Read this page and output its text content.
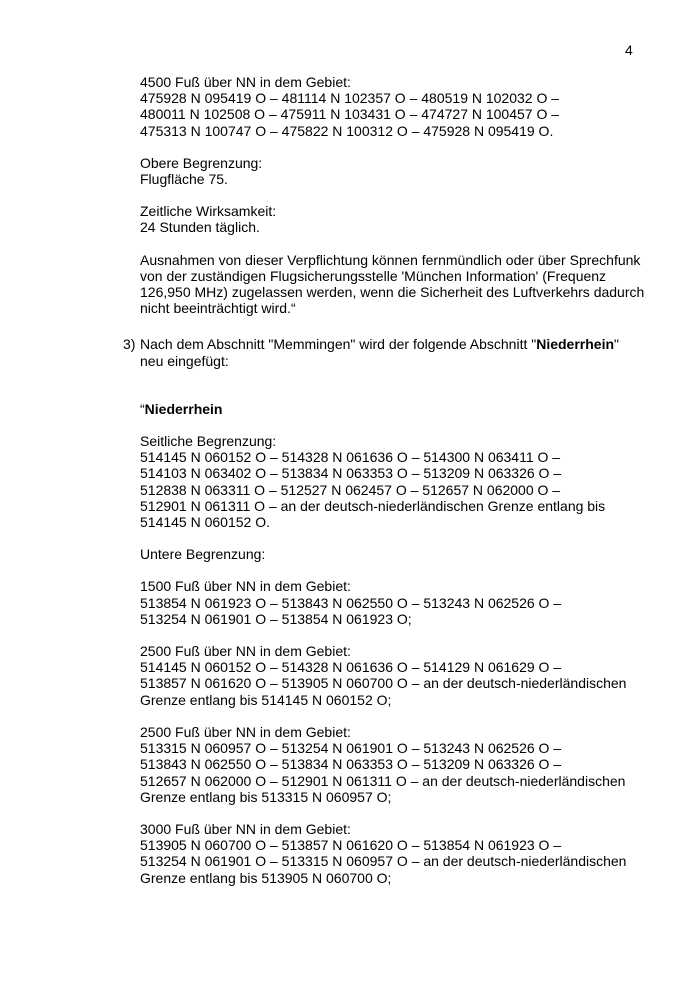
4

4500 Fuß über NN in dem Gebiet:

475928 N 095419 O – 481114 N 102357 O – 480519 N 102032 O –

480011 N 102508 O – 475911 N 103431 O – 474727 N 100457 O –

475313 N 100747 O – 475822 N 100312 O – 475928 N 095419 O.

Obere Begrenzung:

Flugfläche 75.

Zeitliche Wirksamkeit:

24 Stunden täglich.

Ausnahmen von dieser Verpflichtung können fernmündlich oder über Sprechfunk

von der zuständigen Flugsicherungsstelle 'München Information' (Frequenz

126,950 MHz) zugelassen werden, wenn die Sicherheit des Luftverkehrs dadurch

nicht beeinträchtigt wird.“

3) Nach dem Abschnitt "Memmingen" wird der folgende Abschnitt "Niederrhein"

neu eingefügt:

“Niederrhein

Seitliche Begrenzung:

514145 N 060152 O – 514328 N 061636 O – 514300 N 063411 O –

514103 N 063402 O – 513834 N 063353 O – 513209 N 063326 O –

512838 N 063311 O – 512527 N 062457 O – 512657 N 062000 O –

512901 N 061311 O – an der deutsch-niederländischen Grenze entlang bis

514145 N 060152 O.

Untere Begrenzung:

1500 Fuß über NN in dem Gebiet:

513854 N 061923 O – 513843 N 062550 O – 513243 N 062526 O –

513254 N 061901 O – 513854 N 061923 O;

2500 Fuß über NN in dem Gebiet:

514145 N 060152 O – 514328 N 061636 O – 514129 N 061629 O –

513857 N 061620 O – 513905 N 060700 O – an der deutsch-niederländischen

Grenze entlang bis 514145 N 060152 O;

2500 Fuß über NN in dem Gebiet:

513315 N 060957 O – 513254 N 061901 O – 513243 N 062526 O –

513843 N 062550 O – 513834 N 063353 O – 513209 N 063326 O –

512657 N 062000 O – 512901 N 061311 O – an der deutsch-niederländischen

Grenze entlang bis 513315 N 060957 O;

3000 Fuß über NN in dem Gebiet:

513905 N 060700 O – 513857 N 061620 O – 513854 N 061923 O –

513254 N 061901 O – 513315 N 060957 O – an der deutsch-niederländischen

Grenze entlang bis 513905 N 060700 O;
